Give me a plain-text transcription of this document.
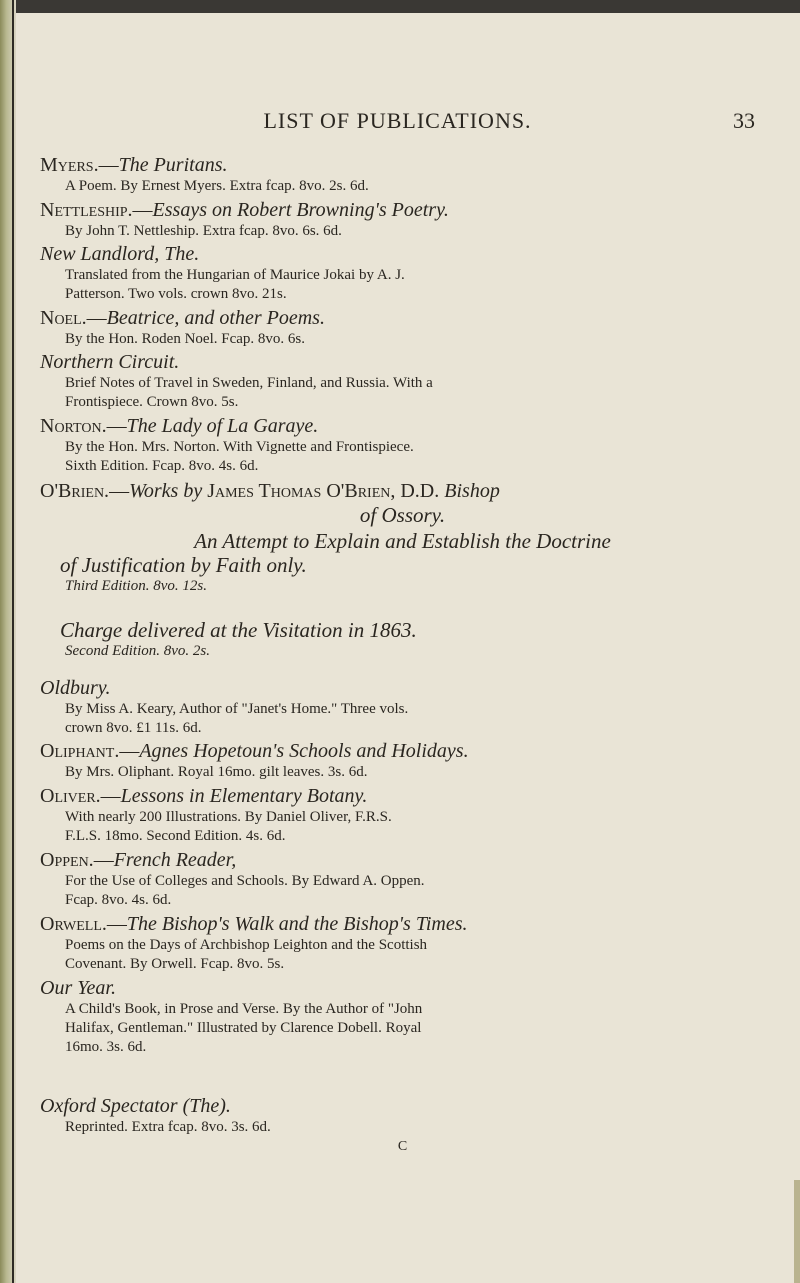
LIST OF PUBLICATIONS.	33
Myers.—The Puritans.
A Poem. By Ernest Myers. Extra fcap. 8vo. 2s. 6d.
Nettleship.—Essays on Robert Browning's Poetry.
By John T. Nettleship. Extra fcap. 8vo. 6s. 6d.
New Landlord, The.
Translated from the Hungarian of Maurice Jokai by A. J.
Patterson. Two vols. crown 8vo. 21s.
Noel.—Beatrice, and other Poems.
By the Hon. Roden Noel. Fcap. 8vo. 6s.
Northern Circuit.
Brief Notes of Travel in Sweden, Finland, and Russia. With a
Frontispiece. Crown 8vo. 5s.
Norton.—The Lady of La Garaye.
By the Hon. Mrs. Norton. With Vignette and Frontispiece.
Sixth Edition. Fcap. 8vo. 4s. 6d.
O'Brien.—Works by James Thomas O'Brien, D.D. Bishop
of Ossory.
An Attempt to Explain and Establish the Doctrine
of Justification by Faith only.
Third Edition. 8vo. 12s.
Charge delivered at the Visitation in 1863.
Second Edition. 8vo. 2s.
Oldbury.
By Miss A. Keary, Author of "Janet's Home." Three vols.
crown 8vo. £1 11s. 6d.
Oliphant.—Agnes Hopetoun's Schools and Holidays.
By Mrs. Oliphant. Royal 16mo. gilt leaves. 3s. 6d.
Oliver.—Lessons in Elementary Botany.
With nearly 200 Illustrations. By Daniel Oliver, F.R.S.
F.L.S. 18mo. Second Edition. 4s. 6d.
Oppen.—French Reader,
For the Use of Colleges and Schools. By Edward A. Oppen.
Fcap. 8vo. 4s. 6d.
Orwell.—The Bishop's Walk and the Bishop's Times.
Poems on the Days of Archbishop Leighton and the Scottish
Covenant. By Orwell. Fcap. 8vo. 5s.
Our Year.
A Child's Book, in Prose and Verse. By the Author of "John
Halifax, Gentleman." Illustrated by Clarence Dobell. Royal
16mo. 3s. 6d.
Oxford Spectator (The).
Reprinted. Extra fcap. 8vo. 3s. 6d.
C
